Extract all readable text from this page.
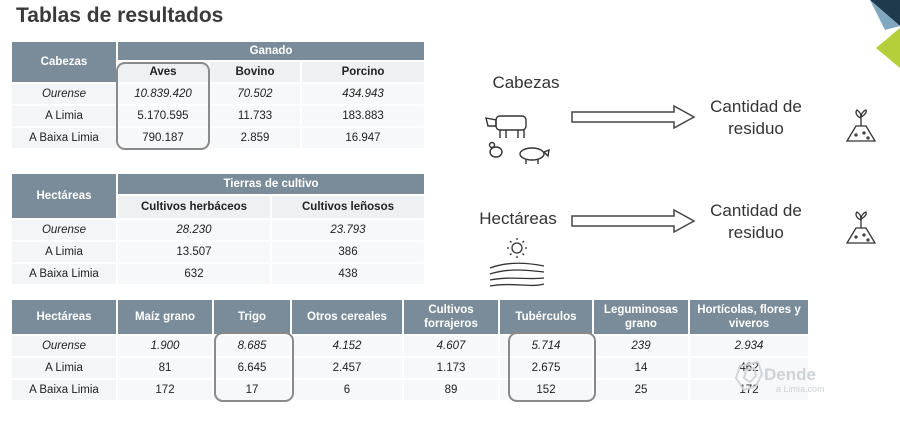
Tablas de resultados
Cabezas	Ganado		
	Aves	Bovino	Porcino
Ourense	10.839.420	70.502	434.943
A Limia	5.170.595	11.733	183.883
A Baixa Limia	790.187	2.859	16.947
Hectáreas	Tierras de cultivo	
	Cultivos herbáceos	Cultivos leñosos
Ourense	28.230	23.793
A Limia	13.507	386
A Baixa Limia	632	438
Hectáreas	Maíz grano	Trigo	Otros cereales	Cultivos forrajeros	Tubérculos	Leguminosas grano	Hortícolas, flores y viveros
Ourense	1.900	8.685	4.152	4.607	5.714	239	2.934
A Limia	81	6.645	2.457	1.173	2.675	14	462
A Baixa Limia	172	17	6	89	152	25	172
Cabezas
Cantidad de
residuo
Hectáreas	Cantidad de
residuo
Dende
a Limia.com
